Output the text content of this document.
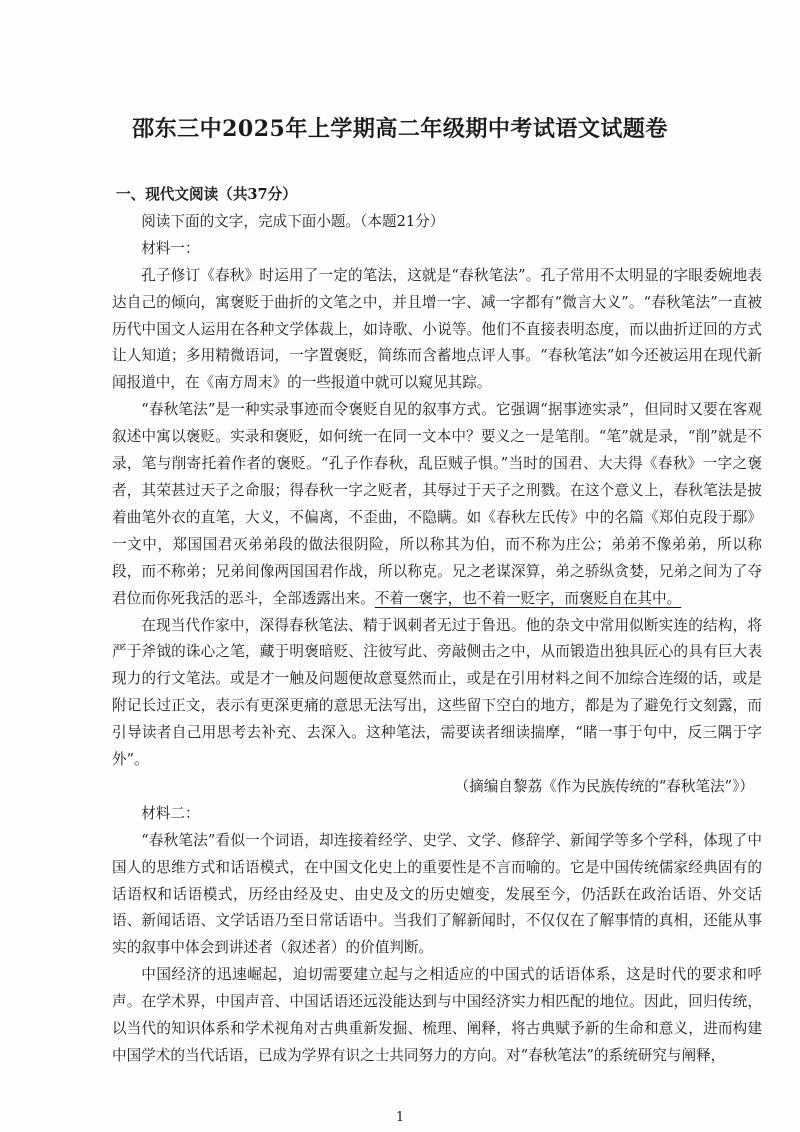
邵东三中2025年上学期高二年级期中考试语文试题卷

一、现代文阅读（共37分）

阅读下面的文字，完成下面小题。（本题21分）

材料一：

孔子修订《春秋》时运用了一定的笔法，这就是“春秋笔法”。孔子常用不太明显的字眼委婉地表达自己的倾向，寓褒贬于曲折的文笔之中，并且增一字、减一字都有“微言大义”。“春秋笔法”一直被历代中国文人运用在各种文学体裁上，如诗歌、小说等。他们不直接表明态度，而以曲折迂回的方式让人知道；多用精微语词，一字置褒贬，简练而含蓄地点评人事。“春秋笔法”如今还被运用在现代新闻报道中，在《南方周末》的一些报道中就可以窥见其踪。

“春秋笔法”是一种实录事迹而令褒贬自见的叙事方式。它强调“据事迹实录”，但同时又要在客观叙述中寓以褒贬。实录和褒贬，如何统一在同一文本中？要义之一是笔削。“笔”就是录，“削”就是不录，笔与削寄托着作者的褒贬。“孔子作春秋，乱臣贼子惧。”当时的国君、大夫得《春秋》一字之褒者，其荣甚过天子之命服；得春秋一字之贬者，其辱过于天子之刑戮。在这个意义上，春秋笔法是披着曲笔外衣的直笔，大义，不偏离，不歪曲，不隐瞒。如《春秋左氏传》中的名篇《郑伯克段于鄢》一文中，郑国国君灭弟弟段的做法很阴险，所以称其为伯，而不称为庄公；弟弟不像弟弟，所以称段，而不称弟；兄弟间像两国国君作战，所以称克。兄之老谋深算，弟之骄纵贪婪，兄弟之间为了夺君位而你死我活的恶斗，全部透露出来。不着一褒字，也不着一贬字，而褒贬自在其中。

在现当代作家中，深得春秋笔法、精于讽刺者无过于鲁迅。他的杂文中常用似断实连的结构，将严于斧钺的诛心之笔，藏于明褒暗贬、注彼写此、旁敲侧击之中，从而锻造出独具匠心的具有巨大表现力的行文笔法。或是才一触及问题便故意戛然而止，或是在引用材料之间不加综合连缀的话，或是附记长过正文，表示有更深更痛的意思无法写出，这些留下空白的地方，都是为了避免行文刻露，而引导读者自己用思考去补充、去深入。这种笔法，需要读者细读揣摩，“睹一事于句中，反三隅于字外”。

（摘编自黎荔《作为民族传统的“春秋笔法”》）

材料二：

“春秋笔法”看似一个词语，却连接着经学、史学、文学、修辞学、新闻学等多个学科，体现了中国人的思维方式和话语模式，在中国文化史上的重要性是不言而喻的。它是中国传统儒家经典固有的话语权和话语模式，历经由经及史、由史及文的历史嬗变，发展至今，仍活跃在政治话语、外交话语、新闻话语、文学话语乃至日常话语中。当我们了解新闻时，不仅仅在了解事情的真相，还能从事实的叙事中体会到讲述者（叙述者）的价值判断。

中国经济的迅速崛起，迫切需要建立起与之相适应的中国式的话语体系，这是时代的要求和呼声。在学术界，中国声音、中国话语还远没能达到与中国经济实力相匹配的地位。因此，回归传统，以当代的知识体系和学术视角对古典重新发掘、梳理、阐释，将古典赋予新的生命和意义，进而构建中国学术的当代话语，已成为学界有识之士共同努力的方向。对“春秋笔法”的系统研究与阐释，

1
